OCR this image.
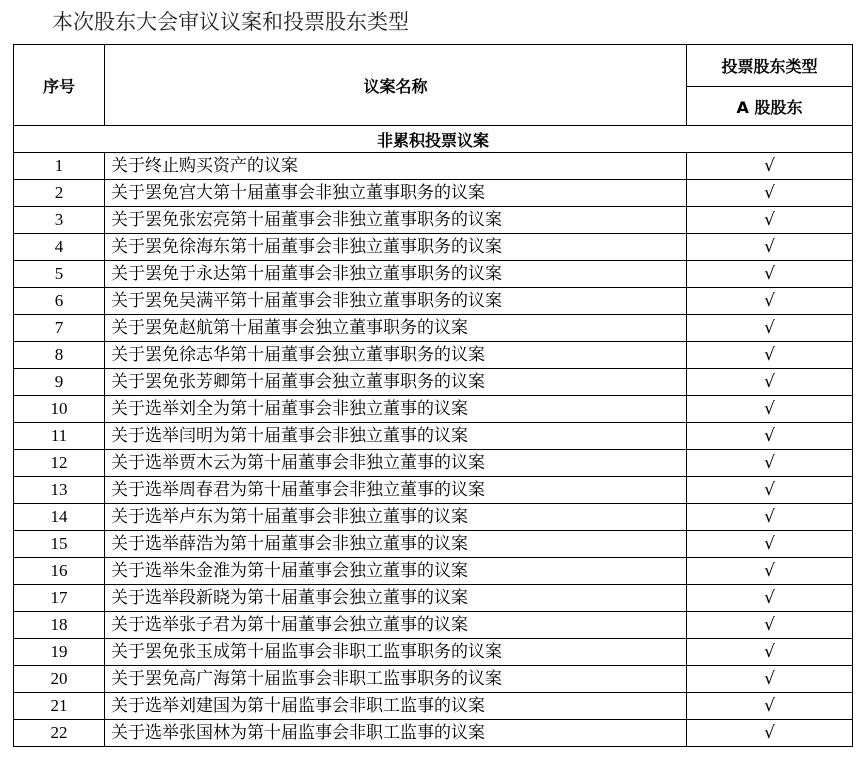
本次股东大会审议议案和投票股东类型
序号	议案名称	投票股东类型
		A 股股东
非累积投票议案		
1	关于终止购买资产的议案	√
2	关于罢免宫大第十届董事会非独立董事职务的议案	√
3	关于罢免张宏亮第十届董事会非独立董事职务的议案	√
4	关于罢免徐海东第十届董事会非独立董事职务的议案	√
5	关于罢免于永达第十届董事会非独立董事职务的议案	√
6	关于罢免吴满平第十届董事会非独立董事职务的议案	√
7	关于罢免赵航第十届董事会独立董事职务的议案	√
8	关于罢免徐志华第十届董事会独立董事职务的议案	√
9	关于罢免张芳卿第十届董事会独立董事职务的议案	√
10	关于选举刘全为第十届董事会非独立董事的议案	√
11	关于选举闫明为第十届董事会非独立董事的议案	√
12	关于选举贾木云为第十届董事会非独立董事的议案	√
13	关于选举周春君为第十届董事会非独立董事的议案	√
14	关于选举卢东为第十届董事会非独立董事的议案	√
15	关于选举薛浩为第十届董事会非独立董事的议案	√
16	关于选举朱金淮为第十届董事会独立董事的议案	√
17	关于选举段新晓为第十届董事会独立董事的议案	√
18	关于选举张子君为第十届董事会独立董事的议案	√
19	关于罢免张玉成第十届监事会非职工监事职务的议案	√
20	关于罢免高广海第十届监事会非职工监事职务的议案	√
21	关于选举刘建国为第十届监事会非职工监事的议案	√
22	关于选举张国林为第十届监事会非职工监事的议案	√
